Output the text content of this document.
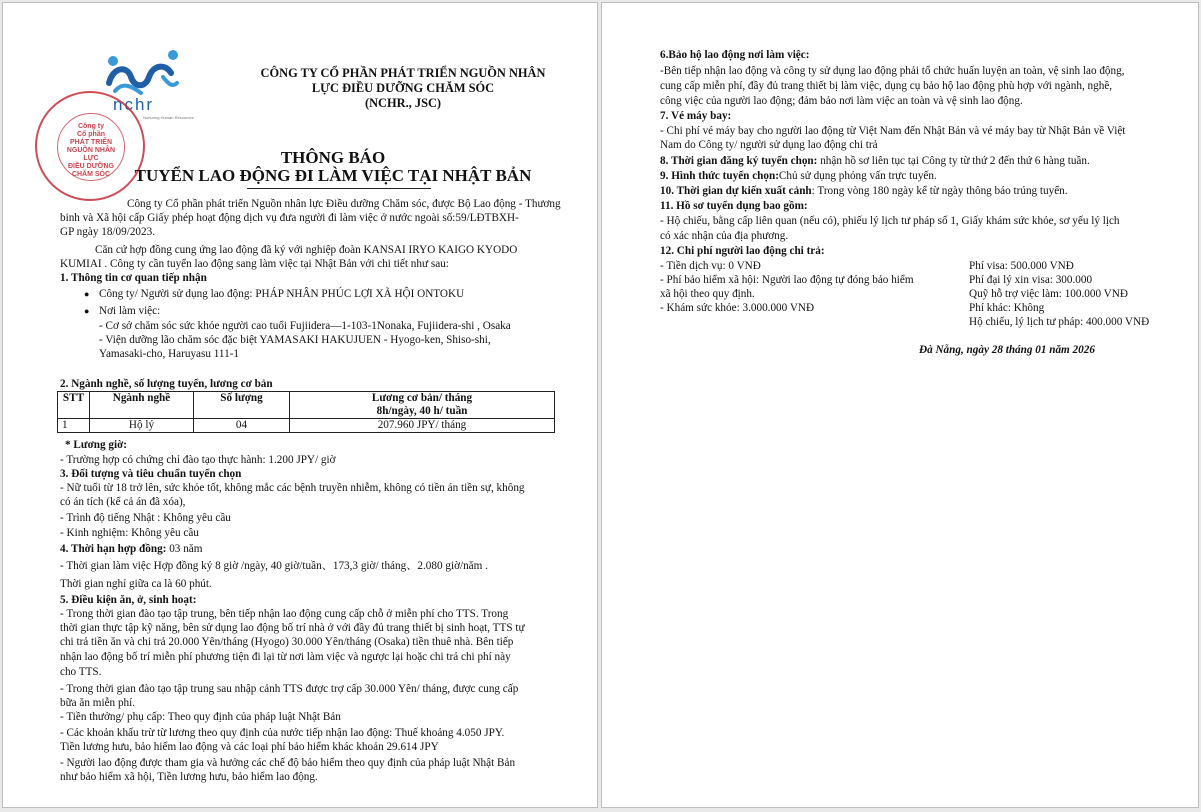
nchr
Nurturing Human Resources
Công ty
Cổ phần
PHÁT TRIỂN
NGUỒN NHÂN LỰC
ĐIỀU DƯỠNG
CHĂM SÓC
CÔNG TY CỔ PHẦN PHÁT TRIỂN NGUỒN NHÂN
LỰC ĐIỀU DƯỠNG CHĂM SÓC
(NCHR., JSC)
THÔNG BÁO
TUYỂN LAO ĐỘNG ĐI LÀM VIỆC TẠI NHẬT BẢN
Công ty Cổ phần phát triển Nguồn nhân lực Điều dưỡng Chăm sóc, được Bộ Lao động - Thương
binh và Xã hội cấp Giấy phép hoạt động dịch vụ đưa người đi làm việc ở nước ngoài số:59/LĐTBXH-
GP ngày 18/09/2023.
Căn cứ hợp đồng cung ứng lao động đã ký với nghiệp đoàn KANSAI IRYO KAIGO KYODO
KUMIAI . Công ty cần tuyển lao động sang làm việc tại Nhật Bản với chi tiết như sau:
1. Thông tin cơ quan tiếp nhận
● Công ty/ Người sử dụng lao động: PHÁP NHÂN PHÚC LỢI XÃ HỘI ONTOKU
● Nơi làm việc:
- Cơ sở chăm sóc sức khỏe người cao tuổi Fujiidera—1-103-1Nonaka, Fujiidera-shi , Osaka
- Viện dưỡng lão chăm sóc đặc biệt YAMASAKI HAKUJUEN - Hyogo-ken, Shiso-shi,
Yamasaki-cho, Haruyasu 111-1
2. Ngành nghề, số lượng tuyển, lương cơ bản
STT	Ngành nghề	Số lượng	Lương cơ bản/ tháng
8h/ngày, 40 h/ tuần

1	Hộ lý	04	207.960 JPY/ tháng
* Lương giờ:
- Trường hợp có chứng chỉ đào tạo thực hành: 1.200 JPY/ giờ
3. Đối tượng và tiêu chuẩn tuyển chọn
- Nữ tuổi từ 18 trở lên, sức khỏe tốt, không mắc các bệnh truyền nhiễm, không có tiền án tiền sự, không
có án tích (kể cả án đã xóa),
- Trình độ tiếng Nhật : Không yêu cầu
- Kinh nghiệm: Không yêu cầu
4. Thời hạn hợp đồng: 03 năm
- Thời gian làm việc Hợp đồng ký 8 giờ /ngày, 40 giờ/tuần、173,3 giờ/ tháng、2.080 giờ/năm .
Thời gian nghỉ giữa ca là 60 phút.
5. Điều kiện ăn, ở, sinh hoạt:
- Trong thời gian đào tạo tập trung, bên tiếp nhận lao động cung cấp chỗ ở miễn phí cho TTS. Trong
thời gian thực tập kỹ năng, bên sử dụng lao động bố trí nhà ở với đầy đủ trang thiết bị sinh hoạt, TTS tự
chi trả tiền ăn và chi trả 20.000 Yên/tháng (Hyogo) 30.000 Yên/tháng (Osaka) tiền thuê nhà. Bên tiếp
nhận lao động bố trí miễn phí phương tiện đi lại từ nơi làm việc và ngược lại hoặc chi trả chi phí này
cho TTS.
- Trong thời gian đào tạo tập trung sau nhập cảnh TTS được trợ cấp 30.000 Yên/ tháng, được cung cấp
bữa ăn miễn phí.
- Tiền thưởng/ phụ cấp: Theo quy định của pháp luật Nhật Bản
- Các khoản khấu trừ từ lương theo quy định của nước tiếp nhận lao động: Thuế khoảng 4.050 JPY.
Tiền lương hưu, bảo hiểm lao động và các loại phí bảo hiểm khác khoản 29.614 JPY
- Người lao động được tham gia và hưởng các chế độ bảo hiểm theo quy định của pháp luật Nhật Bản
như bảo hiểm xã hội, Tiền lương hưu, bảo hiểm lao động.
6.Bảo hộ lao động nơi làm việc:
-Bên tiếp nhận lao động và công ty sử dụng lao động phải tổ chức huấn luyện an toàn, vệ sinh lao động,
cung cấp miễn phí, đầy đủ trang thiết bị làm việc, dụng cụ bảo hộ lao động phù hợp với ngành, nghề,
công việc của người lao động; đảm bảo nơi làm việc an toàn và vệ sinh lao động.
7. Vé máy bay:
- Chi phí vé máy bay cho người lao động từ Việt Nam đến Nhật Bản và vé máy bay từ Nhật Bản về Việt
Nam do Công ty/ người sử dụng lao động chi trả
8. Thời gian đăng ký tuyển chọn: nhận hồ sơ liên tục tại Công ty từ thứ 2 đến thứ 6 hàng tuần.
9. Hình thức tuyển chọn:Chủ sử dụng phỏng vấn trực tuyến.
10. Thời gian dự kiến xuất cảnh: Trong vòng 180 ngày kể từ ngày thông báo trúng tuyển.
11. Hồ sơ tuyển dụng bao gồm:
- Hộ chiếu, bằng cấp liên quan (nếu có), phiếu lý lịch tư pháp số 1, Giấy khám sức khỏe, sơ yếu lý lịch
có xác nhận của địa phương.
12. Chi phí người lao động chi trả:
- Tiền dịch vụ: 0 VNĐ
- Phí bảo hiểm xã hội: Người lao động tự đóng bảo hiểm
xã hội theo quy định.
- Khám sức khỏe: 3.000.000 VNĐ
Phí visa: 500.000 VNĐ
Phí đại lý xin visa: 300.000
Quỹ hỗ trợ việc làm: 100.000 VNĐ
Phí khác: Không
Hộ chiếu, lý lịch tư pháp: 400.000 VNĐ
Đà Nẵng, ngày 28 tháng 01 năm 2026
